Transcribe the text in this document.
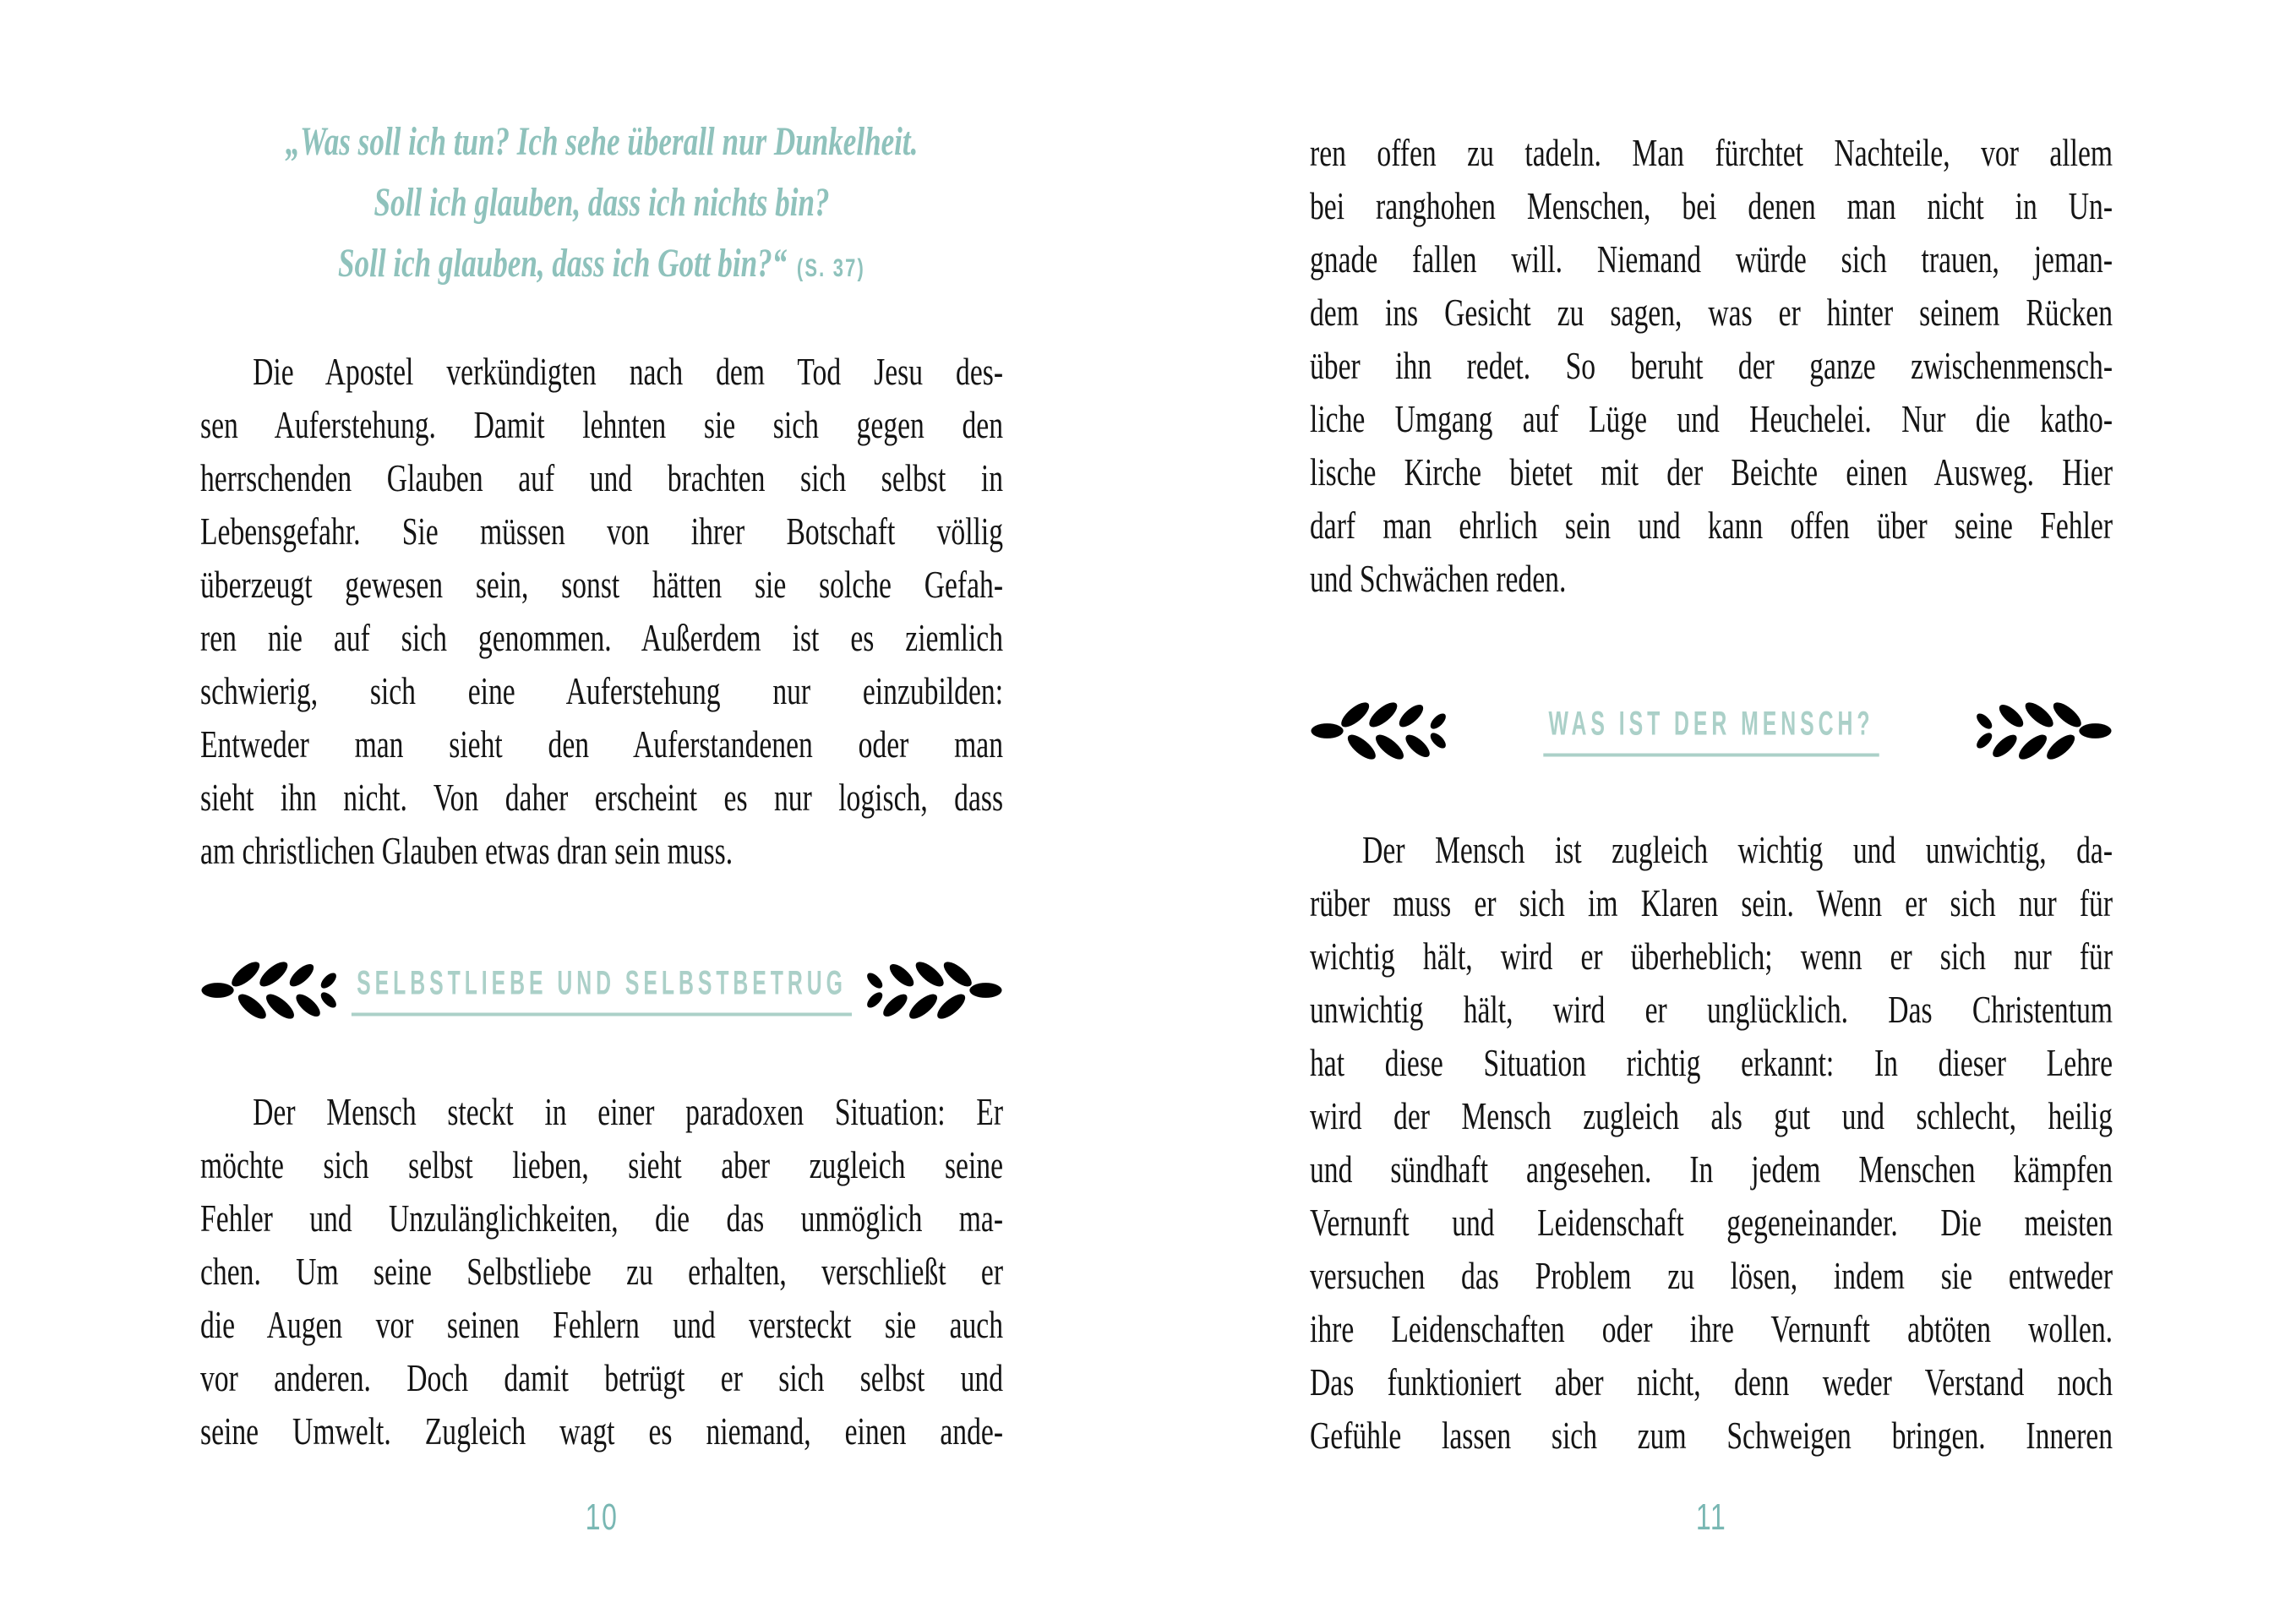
„Was soll ich tun? Ich sehe überall nur Dunkelheit.
Soll ich glauben, dass ich nichts bin?
Soll ich glauben, dass ich Gott bin?“ (S. 37)
Die Apostel verkündigten nach dem Tod Jesu des-
sen Auferstehung. Damit lehnten sie sich gegen den
herrschenden Glauben auf und brachten sich selbst in
Lebensgefahr. Sie müssen von ihrer Botschaft völlig
überzeugt gewesen sein, sonst hätten sie solche Gefah-
ren nie auf sich genommen. Außerdem ist es ziemlich
schwierig, sich eine Auferstehung nur einzubilden:
Entweder man sieht den Auferstandenen oder man
sieht ihn nicht. Von daher erscheint es nur logisch, dass
am christlichen Glauben etwas dran sein muss.
SELBSTLIEBE UND SELBSTBETRUG
Der Mensch steckt in einer paradoxen Situation: Er
möchte sich selbst lieben, sieht aber zugleich seine
Fehler und Unzulänglichkeiten, die das unmöglich ma-
chen. Um seine Selbstliebe zu erhalten, verschließt er
die Augen vor seinen Fehlern und versteckt sie auch
vor anderen. Doch damit betrügt er sich selbst und
seine Umwelt. Zugleich wagt es niemand, einen ande-
10
ren offen zu tadeln. Man fürchtet Nachteile, vor allem
bei ranghohen Menschen, bei denen man nicht in Un-
gnade fallen will. Niemand würde sich trauen, jeman-
dem ins Gesicht zu sagen, was er hinter seinem Rücken
über ihn redet. So beruht der ganze zwischenmensch-
liche Umgang auf Lüge und Heuchelei. Nur die katho-
lische Kirche bietet mit der Beichte einen Ausweg. Hier
darf man ehrlich sein und kann offen über seine Fehler
und Schwächen reden.
WAS IST DER MENSCH?
Der Mensch ist zugleich wichtig und unwichtig, da-
rüber muss er sich im Klaren sein. Wenn er sich nur für
wichtig hält, wird er überheblich; wenn er sich nur für
unwichtig hält, wird er unglücklich. Das Christentum
hat diese Situation richtig erkannt: In dieser Lehre
wird der Mensch zugleich als gut und schlecht, heilig
und sündhaft angesehen. In jedem Menschen kämpfen
Vernunft und Leidenschaft gegeneinander. Die meisten
versuchen das Problem zu lösen, indem sie entweder
ihre Leidenschaften oder ihre Vernunft abtöten wollen.
Das funktioniert aber nicht, denn weder Verstand noch
Gefühle lassen sich zum Schweigen bringen. Inneren
11
